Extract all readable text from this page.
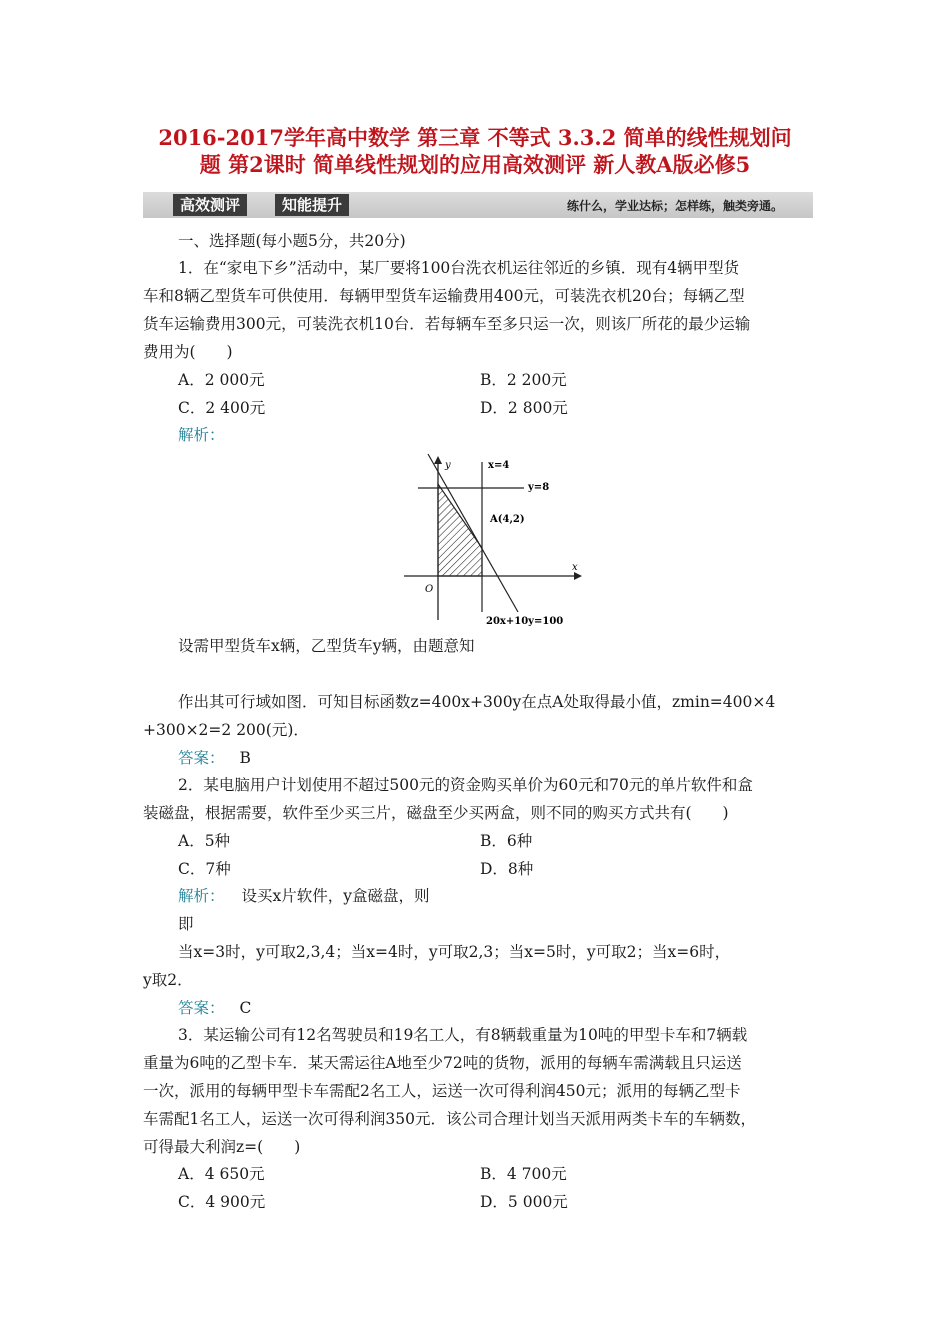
2016-2017学年高中数学 第三章 不等式 3.3.2 简单的线性规划问
题 第2课时 简单线性规划的应用高效测评 新人教A版必修5
高效测评	知能提升	练什么，学业达标；怎样练，触类旁通。
一、选择题(每小题5分，共20分)
1．在“家电下乡”活动中，某厂要将100台洗衣机运往邻近的乡镇．现有4辆甲型货
车和8辆乙型货车可供使用．每辆甲型货车运输费用400元，可装洗衣机20台；每辆乙型
货车运输费用300元，可装洗衣机10台．若每辆车至多只运一次，则该厂所花的最少运输
费用为(　　)
A．2 000元	B．2 200元
C．2 400元	D．2 800元
解析：
y
x
O
x=4
y=8
A(4,2)
20x+10y=100
设需甲型货车x辆，乙型货车y辆，由题意知
作出其可行域如图．可知目标函数z=400x+300y在点A处取得最小值，zmin=400×4
+300×2=2 200(元)．
答案： B
2．某电脑用户计划使用不超过500元的资金购买单价为60元和70元的单片软件和盒
装磁盘，根据需要，软件至少买三片，磁盘至少买两盒，则不同的购买方式共有(　　)
A．5种	B．6种
C．7种	D．8种
解析： 设买x片软件，y盒磁盘，则
即
当x=3时，y可取2,3,4；当x=4时，y可取2,3；当x=5时，y可取2；当x=6时，
y取2．
答案： C
3．某运输公司有12名驾驶员和19名工人，有8辆载重量为10吨的甲型卡车和7辆载
重量为6吨的乙型卡车．某天需运往A地至少72吨的货物，派用的每辆车需满载且只运送
一次，派用的每辆甲型卡车需配2名工人，运送一次可得利润450元；派用的每辆乙型卡
车需配1名工人，运送一次可得利润350元．该公司合理计划当天派用两类卡车的车辆数，
可得最大利润z=(　　)
A．4 650元	B．4 700元
C．4 900元	D．5 000元
